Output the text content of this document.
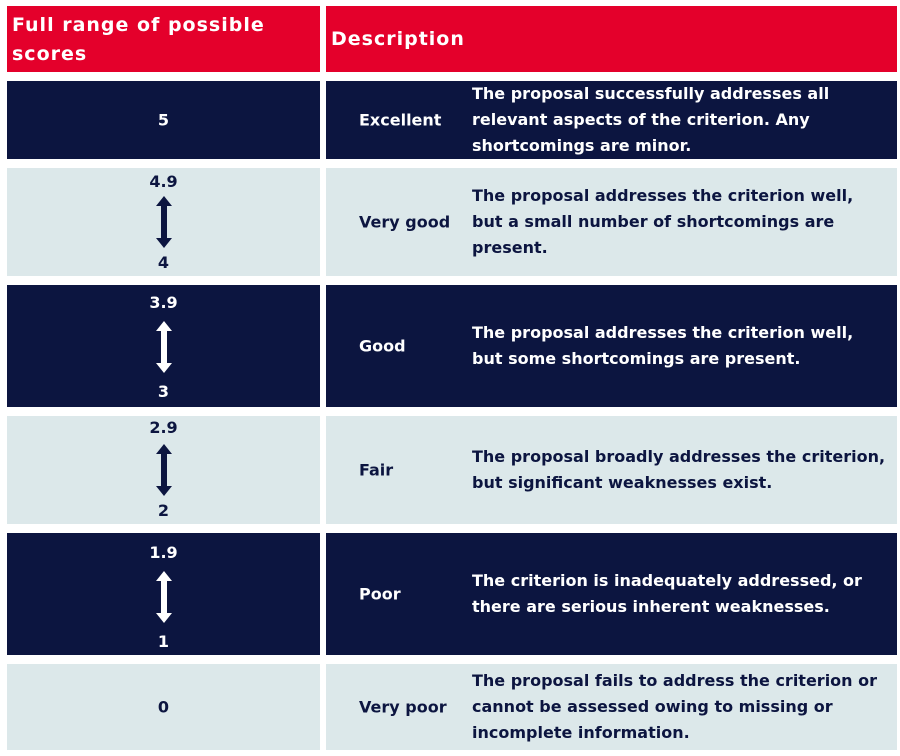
Full range of possible scores
Description
5	Excellent
The proposal successfully addresses all relevant aspects of the criterion. Any shortcomings are minor.
4.9
4
Very good
The proposal addresses the criterion well, but a small number of shortcomings are present.
3.9
3
Good
The proposal addresses the criterion well, but some shortcomings are present.
2.9
2
Fair
The proposal broadly addresses the criterion, but significant weaknesses exist.
1.9
1
Poor
The criterion is inadequately addressed, or there are serious inherent weaknesses.
0	Very poor
The proposal fails to address the criterion or cannot be assessed owing to missing or incomplete information.
